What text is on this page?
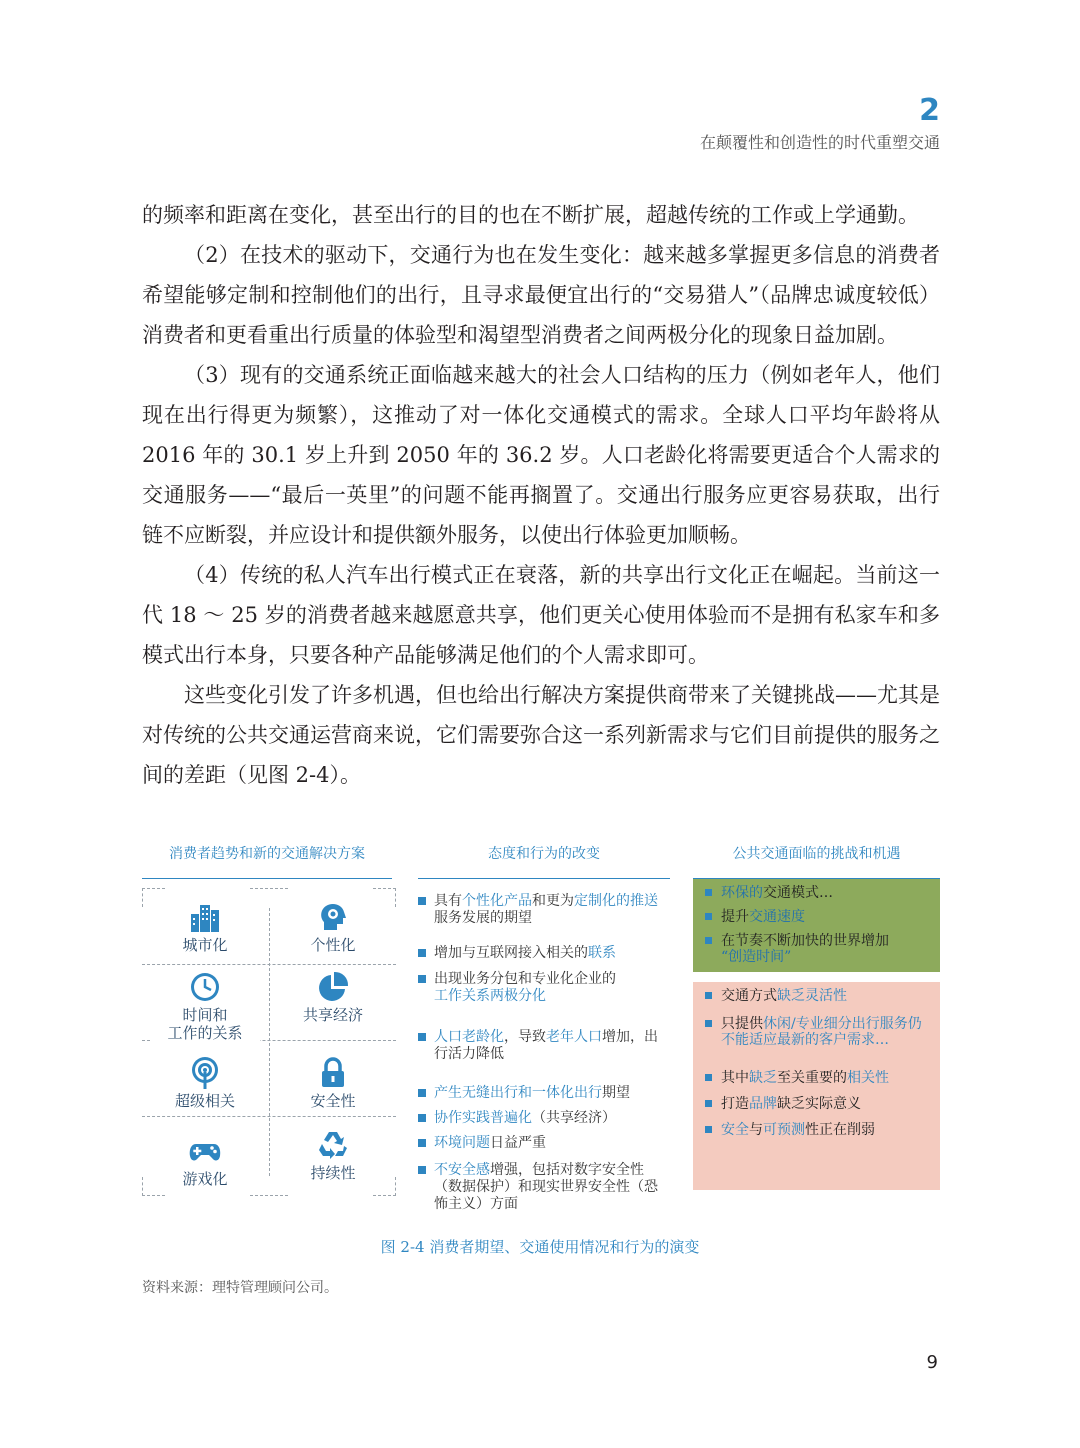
2
在颠覆性和创造性的时代重塑交通

的频率和距离在变化，甚至出行的目的也在不断扩展，超越传统的工作或上学通勤。

（2）在技术的驱动下，交通行为也在发生变化：越来越多掌握更多信息的消费者希望能够定制和控制他们的出行，且寻求最便宜出行的“交易猎人”（品牌忠诚度较低）消费者和更看重出行质量的体验型和渴望型消费者之间两极分化的现象日益加剧。

（3）现有的交通系统正面临越来越大的社会人口结构的压力（例如老年人，他们现在出行得更为频繁），这推动了对一体化交通模式的需求。全球人口平均年龄将从 2016 年的 30.1 岁上升到 2050 年的 36.2 岁。人口老龄化将需要更适合个人需求的交通服务——“最后一英里”的问题不能再搁置了。交通出行服务应更容易获取，出行链不应断裂，并应设计和提供额外服务，以使出行体验更加顺畅。

（4）传统的私人汽车出行模式正在衰落，新的共享出行文化正在崛起。当前这一代 18 ～ 25 岁的消费者越来越愿意共享，他们更关心使用体验而不是拥有私家车和多模式出行本身，只要各种产品能够满足他们的个人需求即可。

这些变化引发了许多机遇，但也给出行解决方案提供商带来了关键挑战——尤其是对传统的公共交通运营商来说，它们需要弥合这一系列新需求与它们目前提供的服务之间的差距（见图 2-4）。

消费者趋势和新的交通解决方案	态度和行为的改变	公共交通面临的挑战和机遇
城市化	个性化
时间和
工作的关系
共享经济
超级相关	安全性
游戏化	持续性
具有个性化产品和更为定制化的推送服务发展的期望
增加与互联网接入相关的联系
出现业务分包和专业化企业的
工作关系两极分化
人口老龄化，导致老年人口增加，出行活力降低
产生无缝出行和一体化出行期望
协作实践普遍化（共享经济）
环境问题日益严重
不安全感增强，包括对数字安全性（数据保护）和现实世界安全性（恐怖主义）方面
环保的交通模式…
提升交通速度
在节奏不断加快的世界增加
“创造时间”
交通方式缺乏灵活性
只提供休闲/专业细分出行服务仍不能适应最新的客户需求…
其中缺乏至关重要的相关性
打造品牌缺乏实际意义
安全与可预测性正在削弱
图 2-4 消费者期望、交通使用情况和行为的演变
资料来源：理特管理顾问公司。
9
